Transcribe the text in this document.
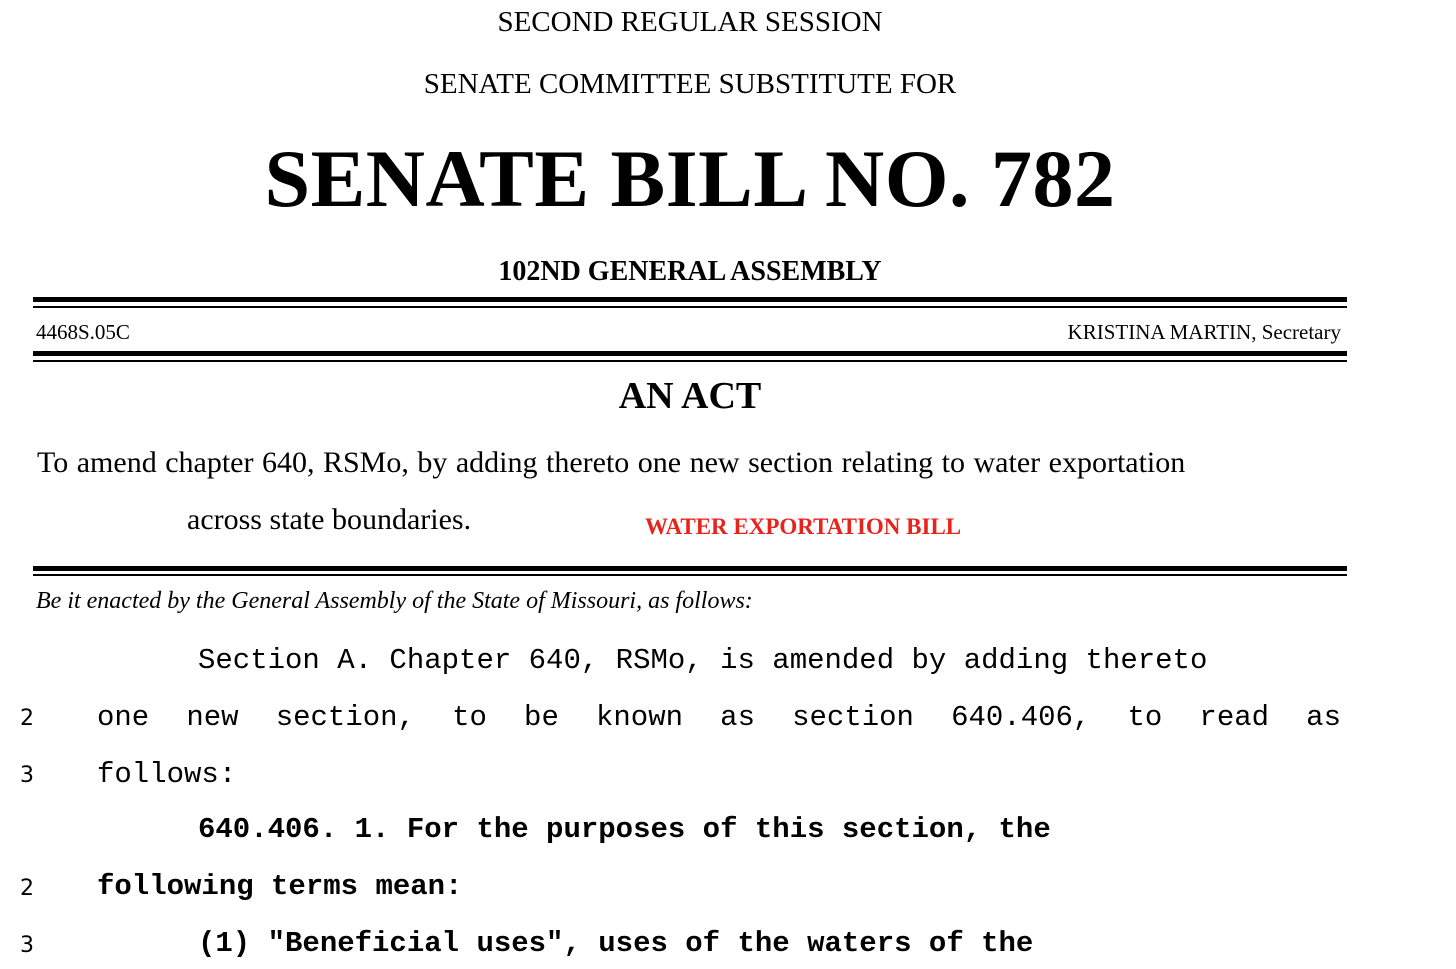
SECOND REGULAR SESSION
SENATE COMMITTEE SUBSTITUTE FOR
SENATE BILL NO. 782
102ND GENERAL ASSEMBLY
4468S.05C	KRISTINA MARTIN, Secretary
AN ACT
To amend chapter 640, RSMo, by adding thereto one new section relating to water exportation
across state boundaries.	WATER EXPORTATION BILL
Be it enacted by the General Assembly of the State of Missouri, as follows:
Section A. Chapter 640, RSMo, is amended by adding thereto
2 one new section, to be known as section 640.406, to read as
3 follows:
640.406. 1. For the purposes of this section, the
2 following terms mean:
3	(1) "Beneficial uses", uses of the waters of the
